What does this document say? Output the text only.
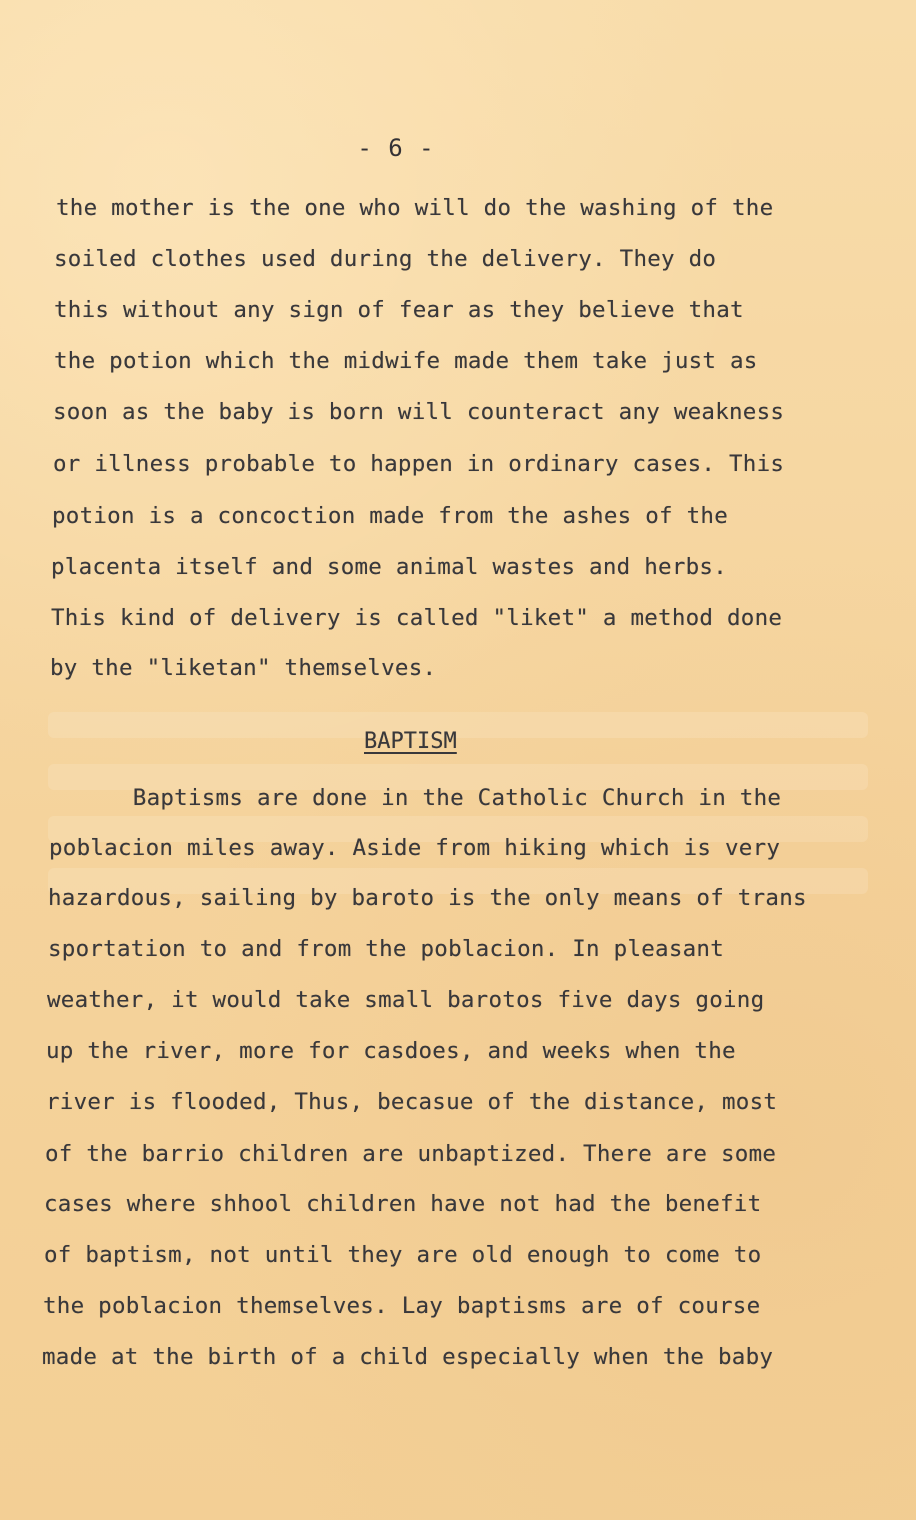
- 6 -
the mother is the one who will do the washing of the
soiled clothes used during the delivery. They do
this without any sign of fear as they believe that
the potion which the midwife made them take just as
soon as the baby is born will counteract any weakness
or illness probable to happen in ordinary cases. This
potion is a concoction made from the ashes of the
placenta itself and some animal wastes and herbs.
This kind of delivery is called "liket" a method done
by the "liketan" themselves.
BAPTISM
Baptisms are done in the Catholic Church in the
poblacion miles away. Aside from hiking which is very
hazardous, sailing by baroto is the only means of trans
sportation to and from the poblacion. In pleasant
weather, it would take small barotos five days going
up the river, more for casdoes, and weeks when the
river is flooded, Thus, becasue of the distance, most
of the barrio children are unbaptized. There are some
cases where shhool children have not had the benefit
of baptism, not until they are old enough to come to
the poblacion themselves. Lay baptisms are of course
made at the birth of a child especially when the baby
